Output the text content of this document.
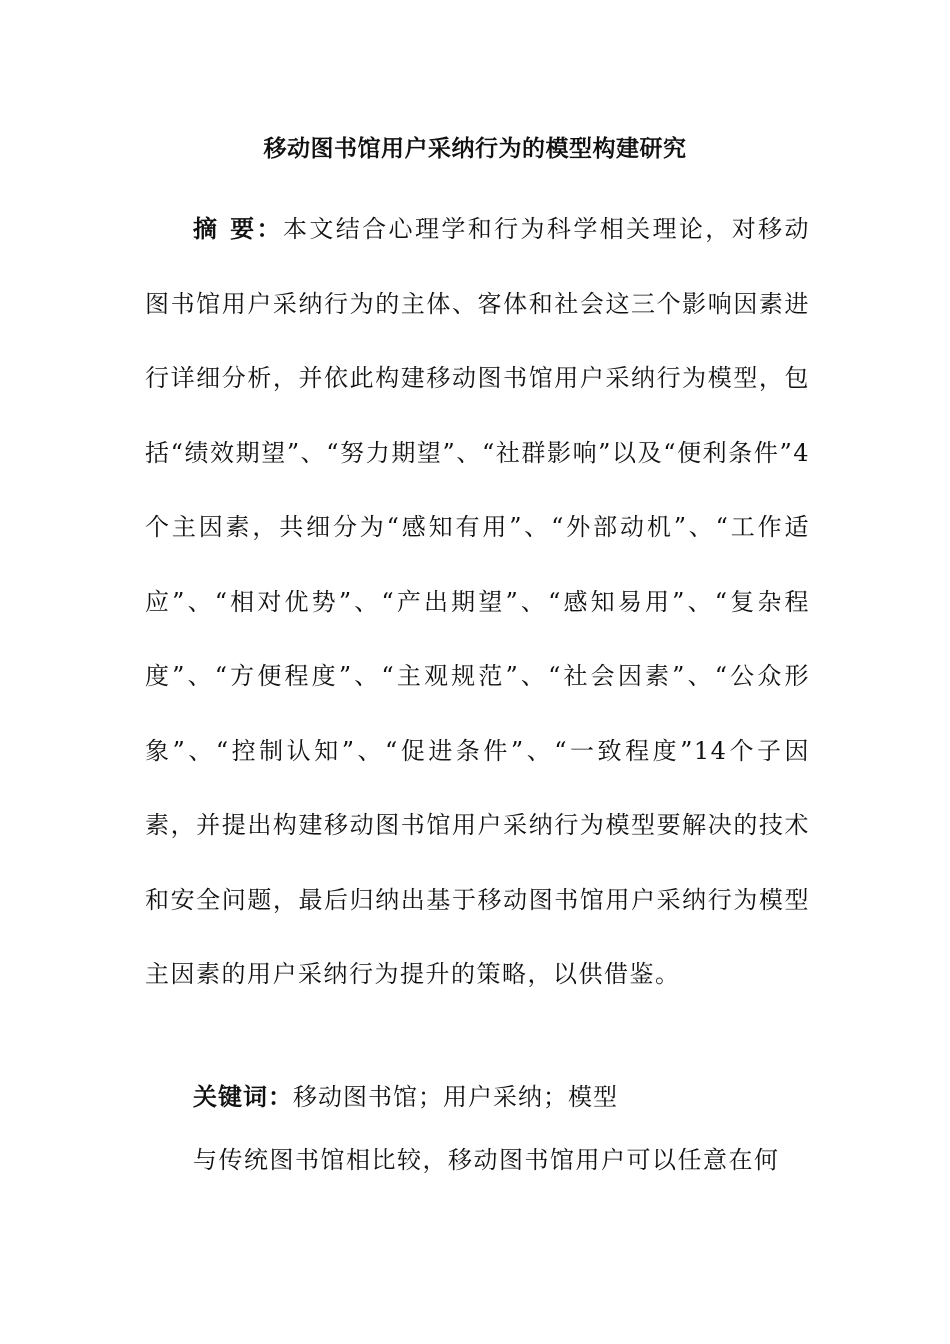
移动图书馆用户采纳行为的模型构建研究
摘 要：本文结合心理学和行为科学相关理论，对移动图书馆用户采纳行为的主体、客体和社会这三个影响因素进行详细分析，并依此构建移动图书馆用户采纳行为模型，包括“绩效期望”、“努力期望”、“社群影响”以及“便利条件”4个主因素，共细分为“感知有用”、“外部动机”、“工作适应”、“相对优势”、“产出期望”、“感知易用”、“复杂程度”、“方便程度”、“主观规范”、“社会因素”、“公众形象”、“控制认知”、“促进条件”、“一致程度”14个子因素，并提出构建移动图书馆用户采纳行为模型要解决的技术和安全问题，最后归纳出基于移动图书馆用户采纳行为模型主因素的用户采纳行为提升的策略，以供借鉴。
关键词：移动图书馆；用户采纳；模型
与传统图书馆相比较，移动图书馆用户可以任意在何
